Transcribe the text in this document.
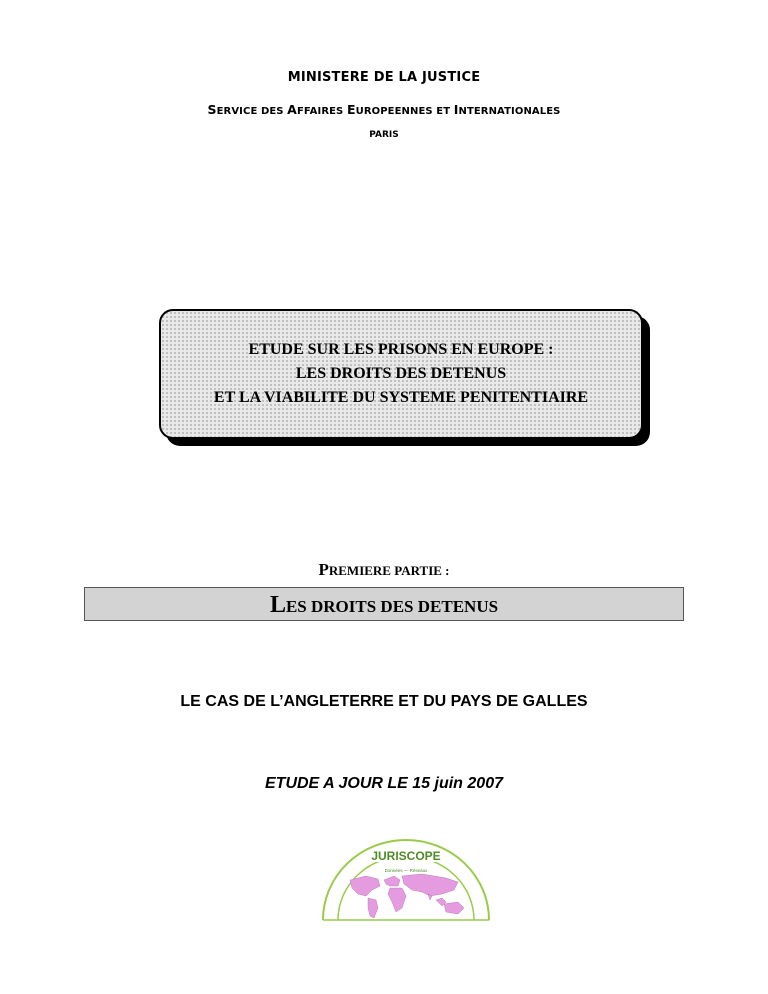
MINISTERE DE LA JUSTICE
SERVICE DES AFFAIRES EUROPEENNES ET INTERNATIONALES
PARIS
ETUDE SUR LES PRISONS EN EUROPE :
LES DROITS DES DETENUS
ET LA VIABILITE DU SYSTEME PENITENTIAIRE
PREMIERE PARTIE :
LES DROITS DES DETENUS
LE CAS DE L’ANGLETERRE ET DU PAYS DE GALLES
ETUDE A JOUR LE 15 juin 2007
JURISCOPE
Données — Réseaux
